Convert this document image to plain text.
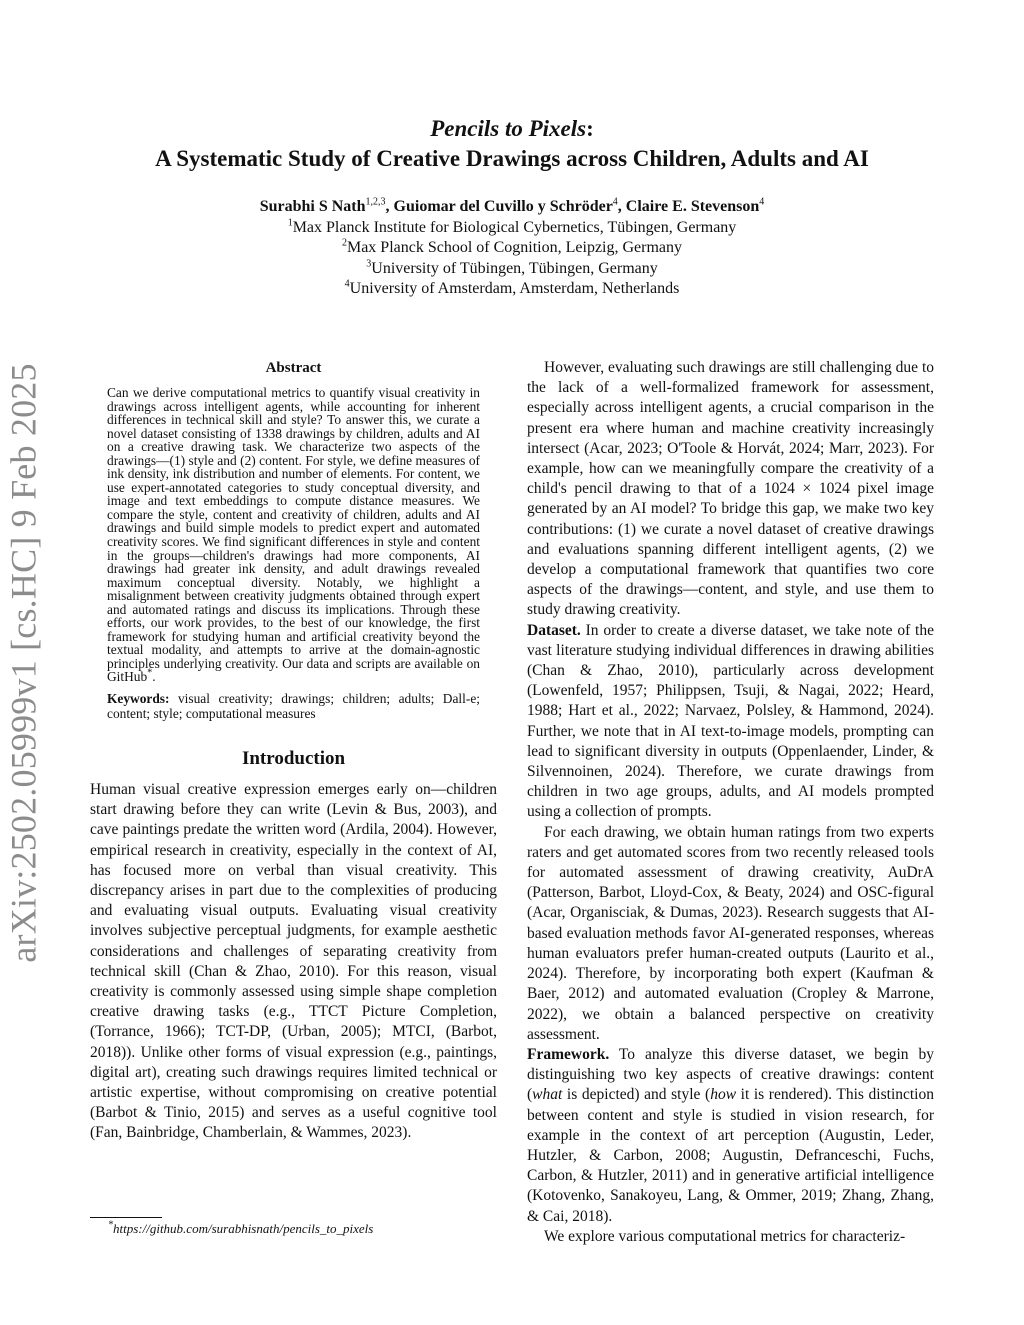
arXiv:2502.05999v1 [cs.HC] 9 Feb 2025
Pencils to Pixels:
A Systematic Study of Creative Drawings across Children, Adults and AI
Surabhi S Nath$^{1,2,3}$, Guiomar del Cuvillo y Schröder$^4$, Claire E. Stevenson$^4$
$^1$Max Planck Institute for Biological Cybernetics, Tübingen, Germany
$^2$Max Planck School of Cognition, Leipzig, Germany
$^3$University of Tübingen, Tübingen, Germany
$^4$University of Amsterdam, Amsterdam, Netherlands
Abstract
Can we derive computational metrics to quantify visual creativity in drawings across intelligent agents, while accounting for inherent differences in technical skill and style? To answer this, we curate a novel dataset consisting of 1338 drawings by children, adults and AI on a creative drawing task. We characterize two aspects of the drawings—(1) style and (2) content. For style, we define measures of ink density, ink distribution and number of elements. For content, we use expert-annotated categories to study conceptual diversity, and image and text embeddings to compute distance measures. We compare the style, content and creativity of children, adults and AI drawings and build simple models to predict expert and automated creativity scores. We find significant differences in style and content in the groups—children's drawings had more components, AI drawings had greater ink density, and adult drawings revealed maximum conceptual diversity. Notably, we highlight a misalignment between creativity judgments obtained through expert and automated ratings and discuss its implications. Through these efforts, our work provides, to the best of our knowledge, the first framework for studying human and artificial creativity beyond the textual modality, and attempts to arrive at the domain-agnostic principles underlying creativity. Our data and scripts are available on GitHub*.
Keywords: visual creativity; drawings; children; adults; Dall-e; content; style; computational measures
Introduction

Human visual creative expression emerges early on—children start drawing before they can write (Levin & Bus, 2003), and cave paintings predate the written word (Ardila, 2004). However, empirical research in creativity, especially in the context of AI, has focused more on verbal than visual creativity. This discrepancy arises in part due to the complexities of producing and evaluating visual outputs. Evaluating visual creativity involves subjective perceptual judgments, for example aesthetic considerations and challenges of separating creativity from technical skill (Chan & Zhao, 2010). For this reason, visual creativity is commonly assessed using simple shape completion creative drawing tasks (e.g., TTCT Picture Completion, (Torrance, 1966); TCT-DP, (Urban, 2005); MTCI, (Barbot, 2018)). Unlike other forms of visual expression (e.g., paintings, digital art), creating such drawings requires limited technical or artistic expertise, without compromising on creative potential (Barbot & Tinio, 2015) and serves as a useful cognitive tool (Fan, Bainbridge, Chamberlain, & Wammes, 2023).

*https://github.com/surabhisnath/pencils_to_pixels

However, evaluating such drawings are still challenging due to the lack of a well-formalized framework for assessment, especially across intelligent agents, a crucial comparison in the present era where human and machine creativity increasingly intersect (Acar, 2023; O'Toole & Horvát, 2024; Marr, 2023). For example, how can we meaningfully compare the creativity of a child's pencil drawing to that of a 1024 × 1024 pixel image generated by an AI model? To bridge this gap, we make two key contributions: (1) we curate a novel dataset of creative drawings and evaluations spanning different intelligent agents, (2) we develop a computational framework that quantifies two core aspects of the drawings—content, and style, and use them to study drawing creativity.

Dataset. In order to create a diverse dataset, we take note of the vast literature studying individual differences in drawing abilities (Chan & Zhao, 2010), particularly across development (Lowenfeld, 1957; Philippsen, Tsuji, & Nagai, 2022; Heard, 1988; Hart et al., 2022; Narvaez, Polsley, & Hammond, 2024). Further, we note that in AI text-to-image models, prompting can lead to significant diversity in outputs (Oppenlaender, Linder, & Silvennoinen, 2024). Therefore, we curate drawings from children in two age groups, adults, and AI models prompted using a collection of prompts.

For each drawing, we obtain human ratings from two experts raters and get automated scores from two recently released tools for automated assessment of drawing creativity, AuDrA (Patterson, Barbot, Lloyd-Cox, & Beaty, 2024) and OSC-figural (Acar, Organisciak, & Dumas, 2023). Research suggests that AI-based evaluation methods favor AI-generated responses, whereas human evaluators prefer human-created outputs (Laurito et al., 2024). Therefore, by incorporating both expert (Kaufman & Baer, 2012) and automated evaluation (Cropley & Marrone, 2022), we obtain a balanced perspective on creativity assessment.

Framework. To analyze this diverse dataset, we begin by distinguishing two key aspects of creative drawings: content (what is depicted) and style (how it is rendered). This distinction between content and style is studied in vision research, for example in the context of art perception (Augustin, Leder, Hutzler, & Carbon, 2008; Augustin, Defranceschi, Fuchs, Carbon, & Hutzler, 2011) and in generative artificial intelligence (Kotovenko, Sanakoyeu, Lang, & Ommer, 2019; Zhang, Zhang, & Cai, 2018).

We explore various computational metrics for characteriz-
